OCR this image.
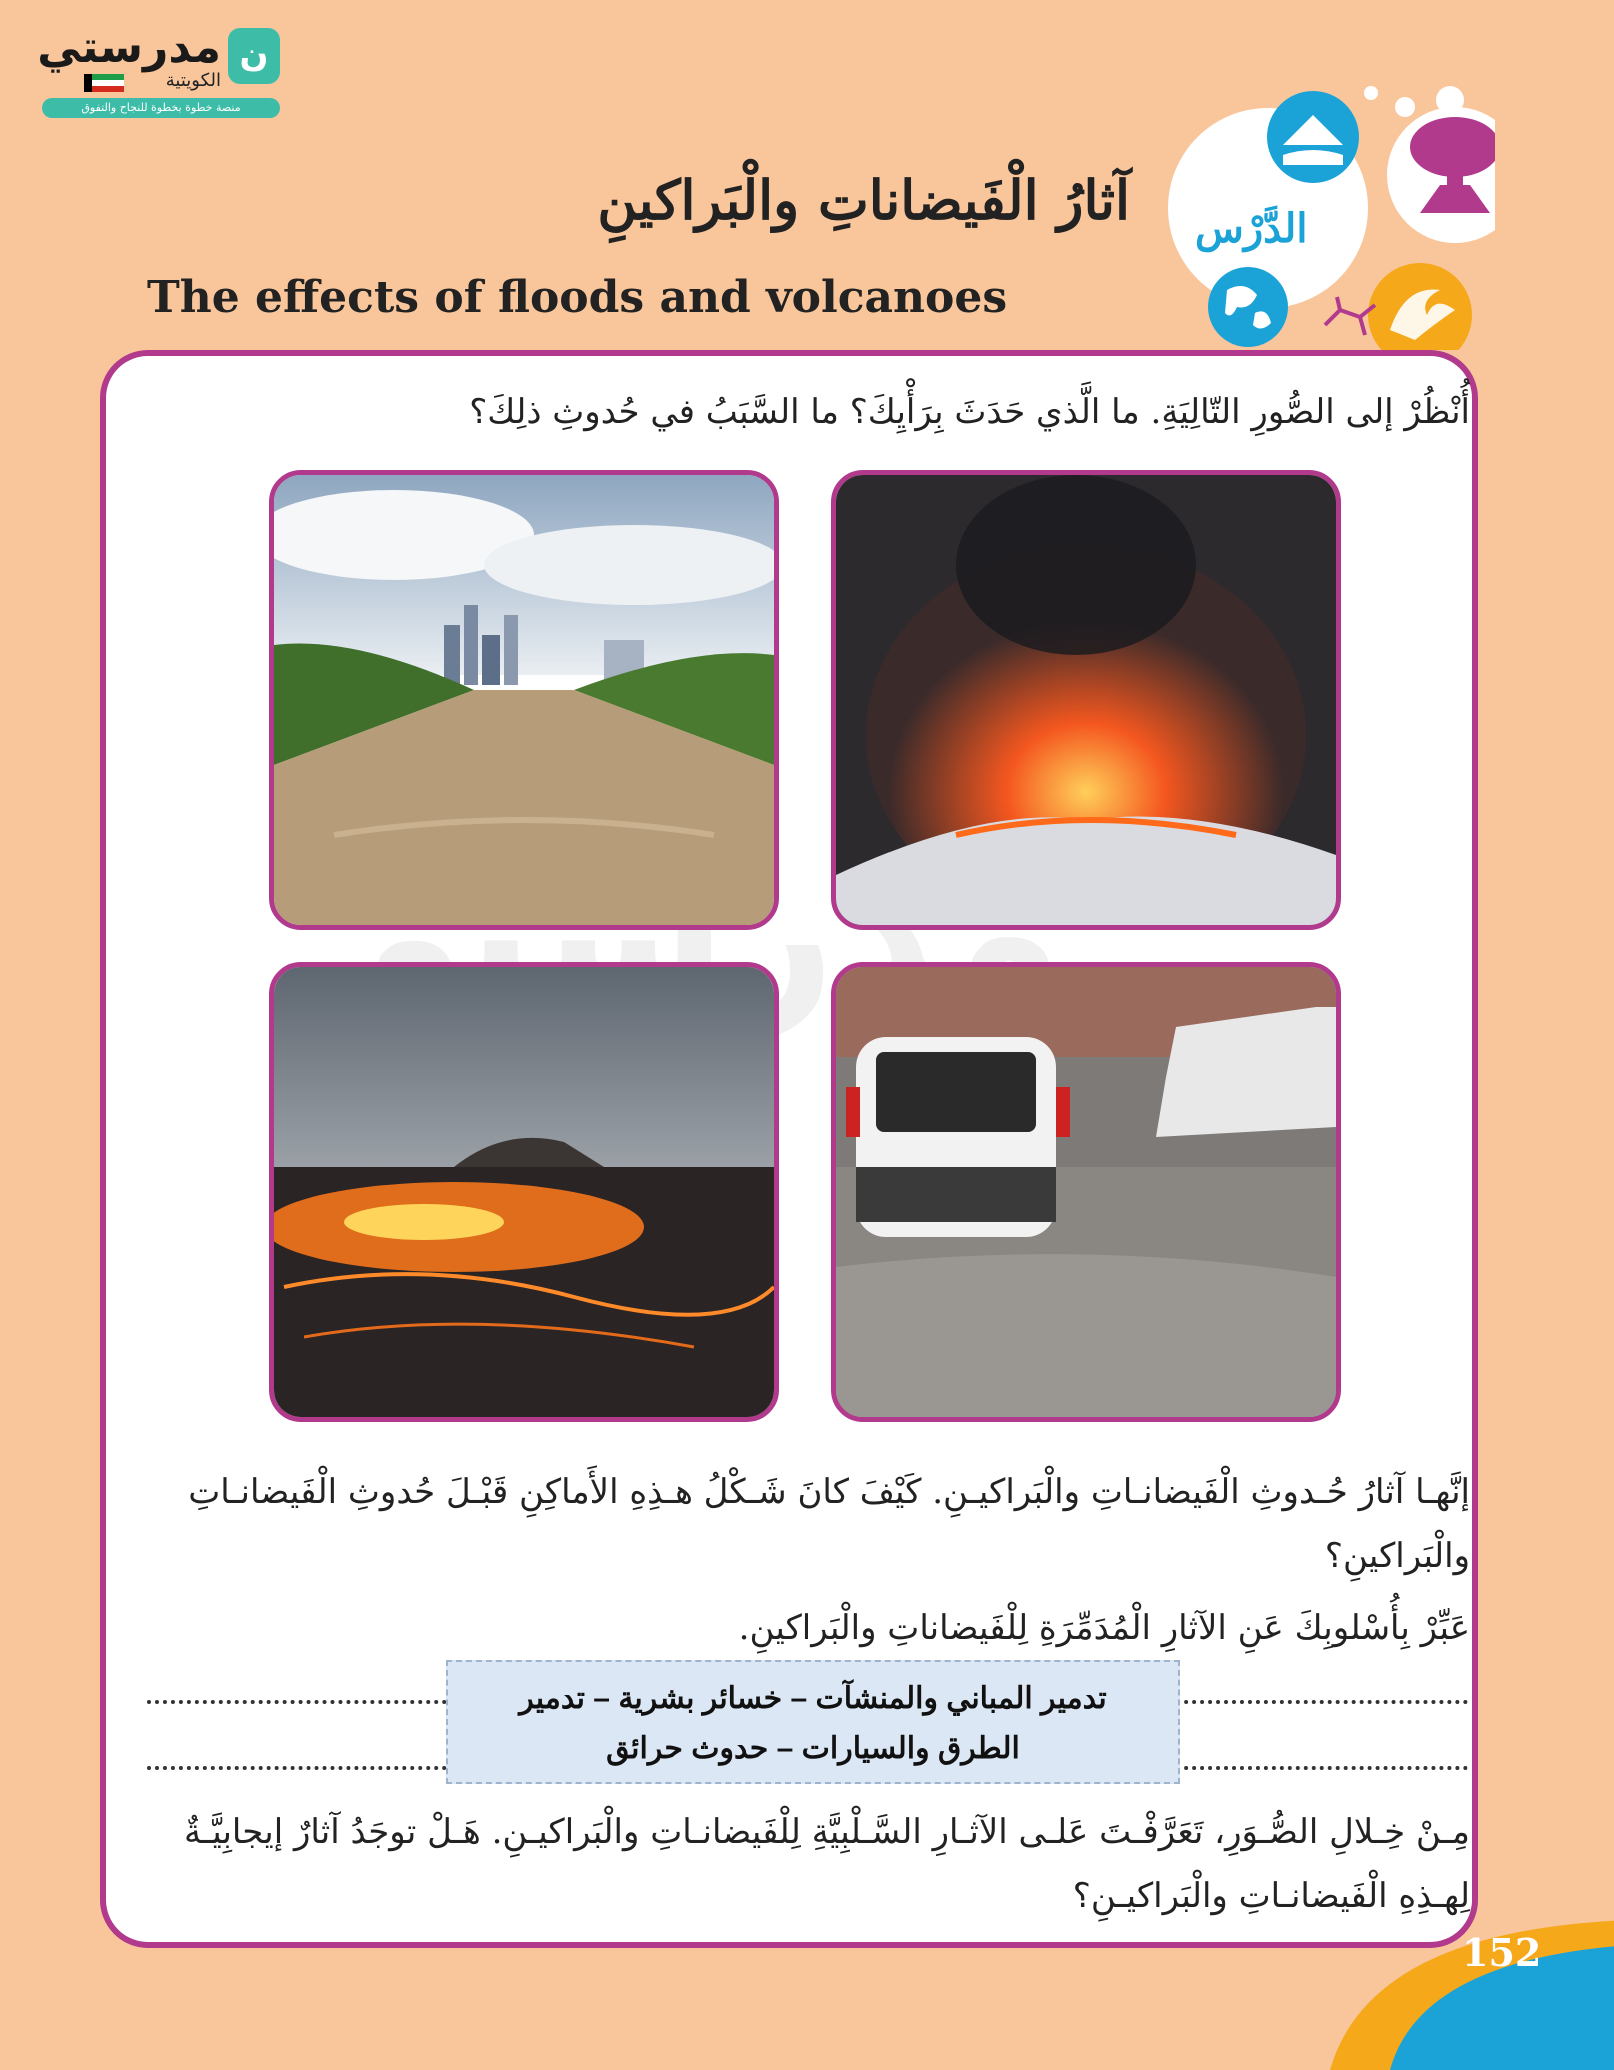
ن
مدرستي
الكويتية
منصة خطوة بخطوة للنجاح والتفوق
الدَّرْس
آثارُ الْفَيضاناتِ والْبَراكينِ
The effects of floods and volcanoes
أُنْظُرْ إلى الصُّورِ التّالِيَةِ. ما الَّذي حَدَثَ بِرَأْيِكَ؟ ما السَّبَبُ في حُدوثِ ذلِكَ؟
إنَّهـا آثارُ حُـدوثِ الْفَيضانـاتِ والْبَراكيـنِ. كَيْفَ كانَ شَـكْلُ هـذِهِ الأَماكِنِ قَبْـلَ حُدوثِ الْفَيضانـاتِ والْبَراكينِ؟
عَبِّرْ بِأُسْلوبِكَ عَنِ الآثارِ الْمُدَمِّرَةِ لِلْفَيضاناتِ والْبَراكينِ.
تدمير المباني والمنشآت – خسائر بشرية – تدمير
الطرق والسيارات – حدوث حرائق
مِـنْ خِـلالِ الصُّـوَرِ، تَعَرَّفْـتَ عَلـى الآثـارِ السَّـلْبِيَّةِ لِلْفَيضانـاتِ والْبَراكيـنِ. هَـلْ توجَدُ آثارٌ إيجابِيَّـةٌ لِهـذِهِ الْفَيضانـاتِ والْبَراكيـنِ؟
152
